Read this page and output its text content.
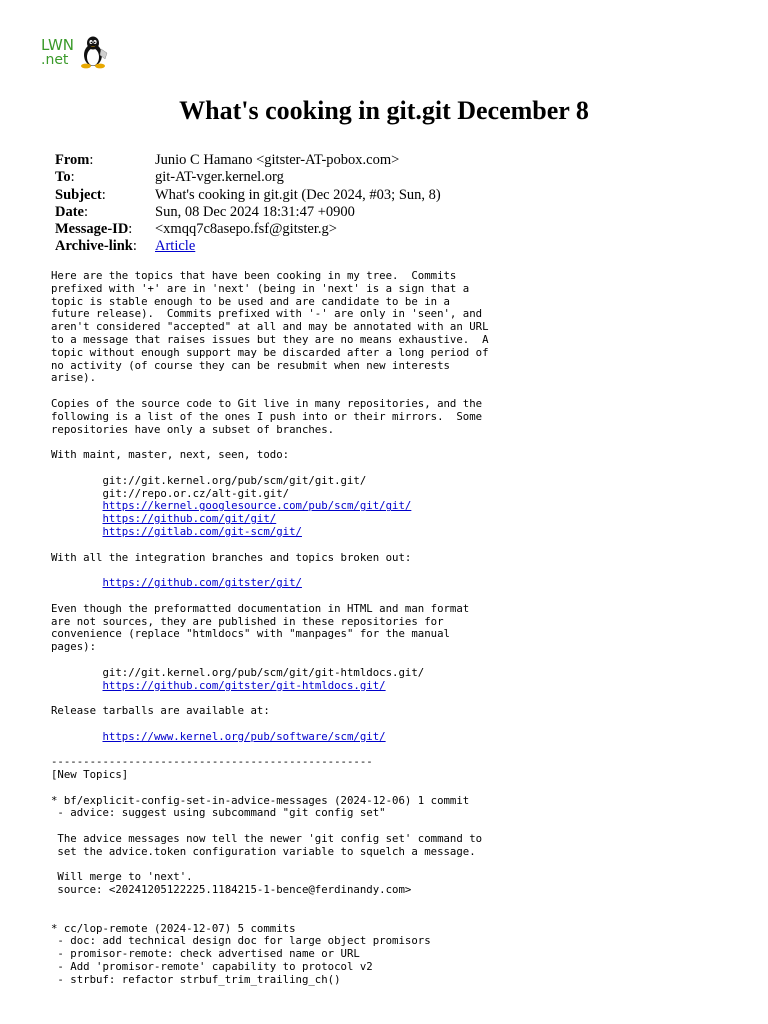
LWN
.net
What's cooking in git.git December 8
From:	Junio C Hamano <gitster-AT-pobox.com>
To:	git-AT-vger.kernel.org
Subject:	What's cooking in git.git (Dec 2024, #03; Sun, 8)
Date:	Sun, 08 Dec 2024 18:31:47 +0900
Message-ID:	<xmqq7c8asepo.fsf@gitster.g>
Archive-link:	Article
Here are the topics that have been cooking in my tree.  Commits
prefixed with '+' are in 'next' (being in 'next' is a sign that a
topic is stable enough to be used and are candidate to be in a
future release).  Commits prefixed with '-' are only in 'seen', and
aren't considered "accepted" at all and may be annotated with an URL
to a message that raises issues but they are no means exhaustive.  A
topic without enough support may be discarded after a long period of
no activity (of course they can be resubmit when new interests
arise).

Copies of the source code to Git live in many repositories, and the
following is a list of the ones I push into or their mirrors.  Some
repositories have only a subset of branches.

With maint, master, next, seen, todo:

git://git.kernel.org/pub/scm/git/git.git/
git://repo.or.cz/alt-git.git/
https://kernel.googlesource.com/pub/scm/git/git/
https://github.com/git/git/
https://gitlab.com/git-scm/git/

With all the integration branches and topics broken out:

https://github.com/gitster/git/

Even though the preformatted documentation in HTML and man format
are not sources, they are published in these repositories for
convenience (replace "htmldocs" with "manpages" for the manual
pages):

git://git.kernel.org/pub/scm/git/git-htmldocs.git/
https://github.com/gitster/git-htmldocs.git/

Release tarballs are available at:

https://www.kernel.org/pub/software/scm/git/

--------------------------------------------------
[New Topics]

* bf/explicit-config-set-in-advice-messages (2024-12-06) 1 commit
- advice: suggest using subcommand "git config set"

The advice messages now tell the newer 'git config set' command to
set the advice.token configuration variable to squelch a message.

Will merge to 'next'.
source: <20241205122225.1184215-1-bence@ferdinandy.com>

* cc/lop-remote (2024-12-07) 5 commits
- doc: add technical design doc for large object promisors
- promisor-remote: check advertised name or URL
- Add 'promisor-remote' capability to protocol v2
- strbuf: refactor strbuf_trim_trailing_ch()
